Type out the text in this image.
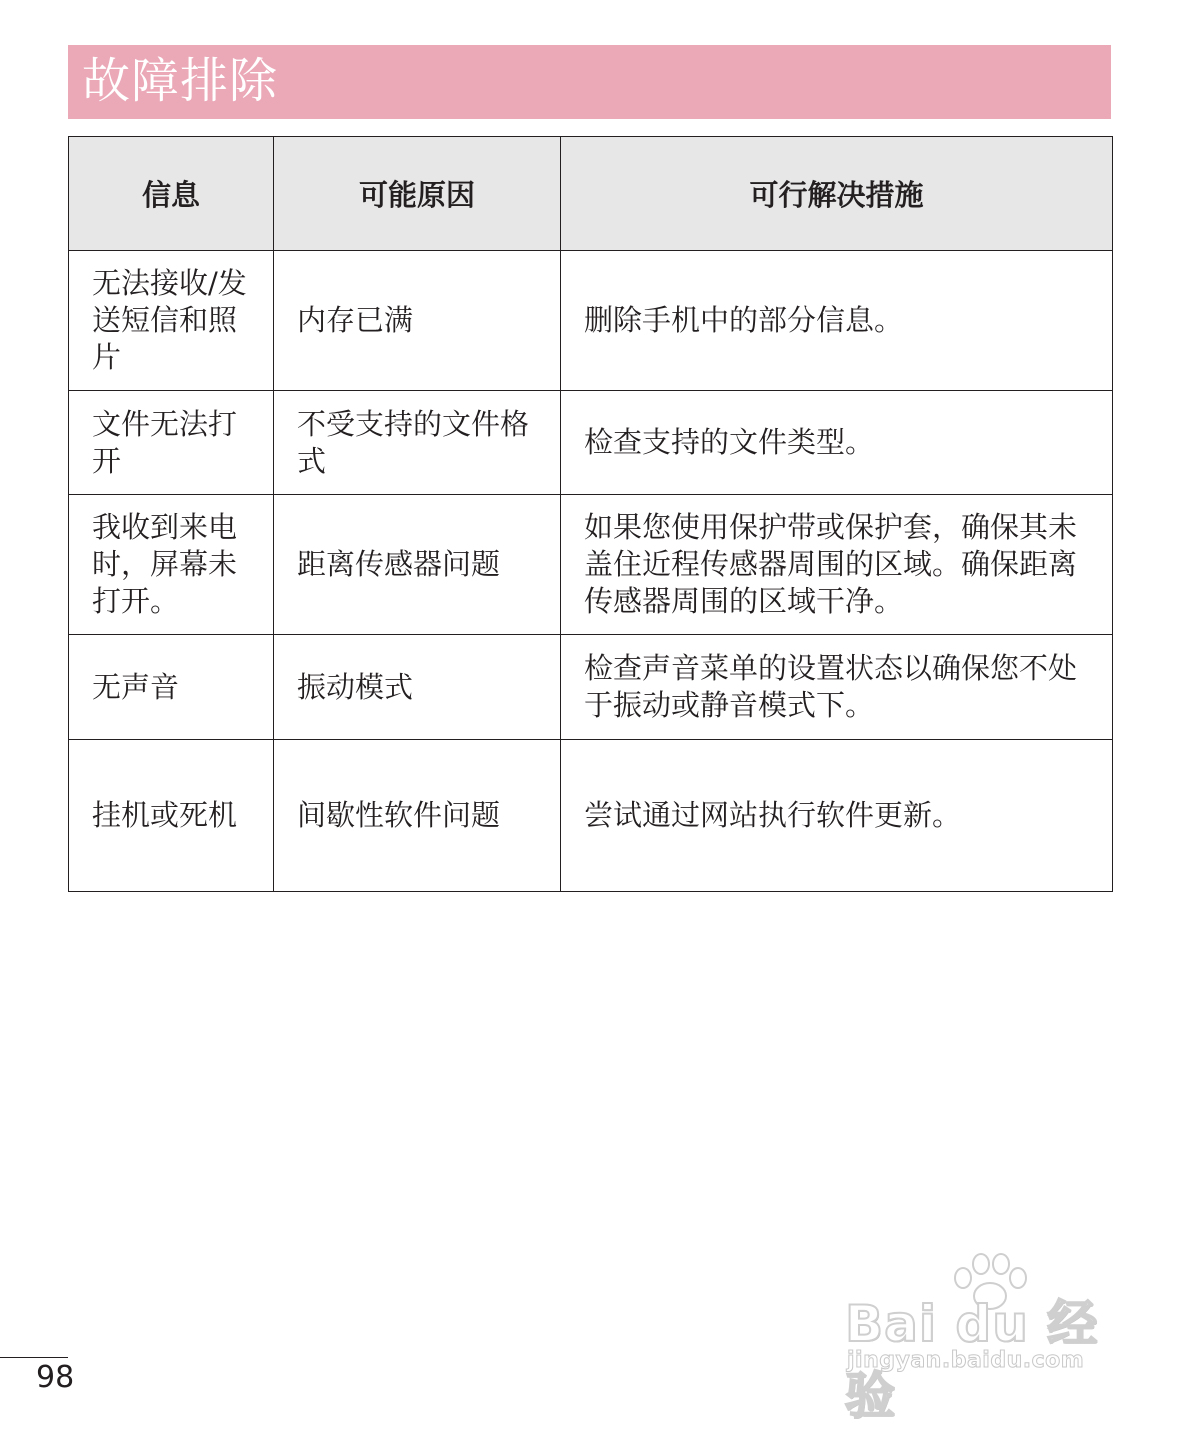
故障排除
信息	可能原因	可行解决措施
无法接收/发送短信和照片	内存已满	删除手机中的部分信息。
文件无法打开	不受支持的文件格式	检查支持的文件类型。
我收到来电时，屏幕未打开。	距离传感器问题	如果您使用保护带或保护套，确保其未盖住近程传感器周围的区域。确保距离传感器周围的区域干净。
无声音	振动模式	检查声音菜单的设置状态以确保您不处于振动或静音模式下。
挂机或死机	间歇性软件问题	尝试通过网站执行软件更新。
98
Bai du 经验
jingyan.baidu.com
